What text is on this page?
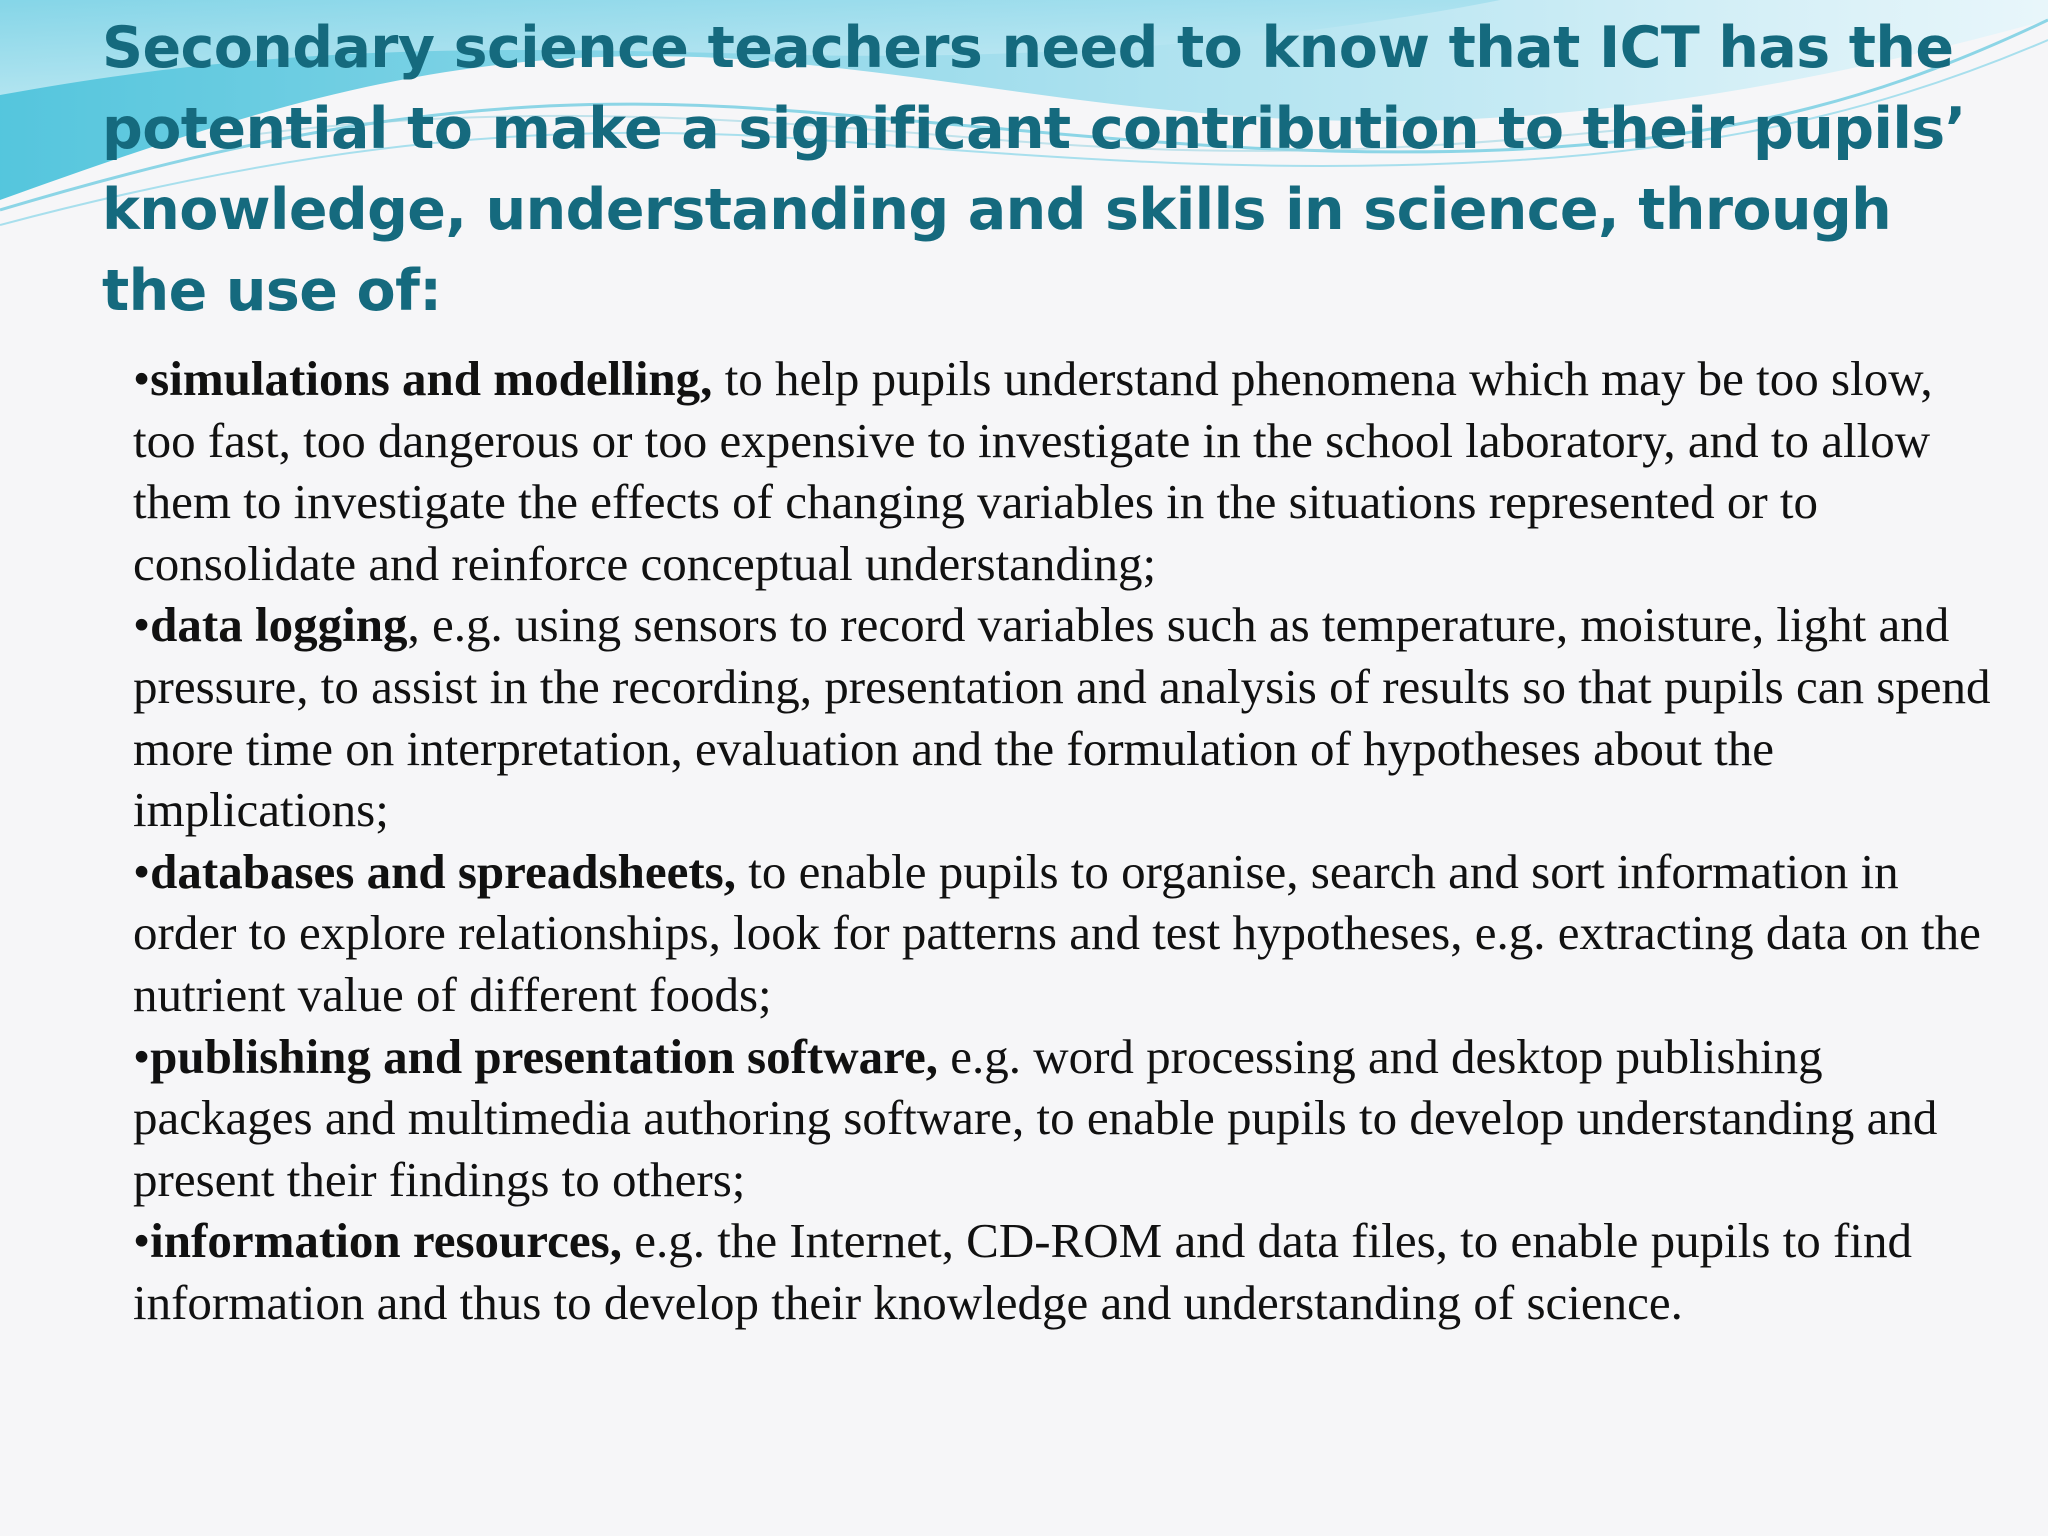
Secondary science teachers need to know that ICT has the potential to make a significant contribution to their pupils’ knowledge, understanding and skills in science, through the use of:
•simulations and modelling, to help pupils understand phenomena which may be too slow, too fast, too dangerous or too expensive to investigate in the school laboratory, and to allow them to investigate the effects of changing variables in the situations represented or to consolidate and reinforce conceptual understanding;
•data logging, e.g. using sensors to record variables such as temperature, moisture, light and pressure, to assist in the recording, presentation and analysis of results so that pupils can spend more time on interpretation, evaluation and the formulation of hypotheses about the implications;
•databases and spreadsheets, to enable pupils to organise, search and sort information in order to explore relationships, look for patterns and test hypotheses, e.g. extracting data on the nutrient value of different foods;
•publishing and presentation software, e.g. word processing and desktop publishing packages and multimedia authoring software, to enable pupils to develop understanding and present their findings to others;
•information resources, e.g. the Internet, CD-ROM and data files, to enable pupils to find information and thus to develop their knowledge and understanding of science.
